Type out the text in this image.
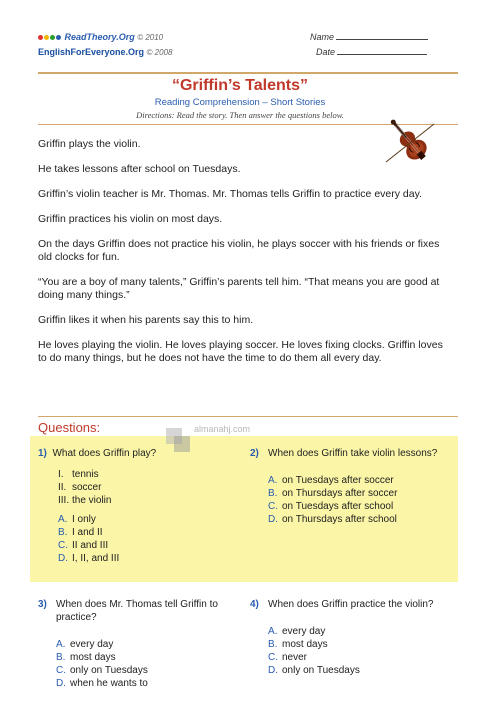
ReadTheory.Org © 2010
EnglishForEveryone.Org © 2008
Name
Date
“Griffin’s Talents”
Reading Comprehension – Short Stories
Directions: Read the story. Then answer the questions below.

Griffin plays the violin.

He takes lessons after school on Tuesdays.

Griffin’s violin teacher is Mr. Thomas. Mr. Thomas tells Griffin to practice every day.

Griffin practices his violin on most days.

On the days Griffin does not practice his violin, he plays soccer with his friends or fixes old clocks for fun.

“You are a boy of many talents,” Griffin’s parents tell him. “That means you are good at doing many things.”

Griffin likes it when his parents say this to him.

He loves playing the violin. He loves playing soccer. He loves fixing clocks. Griffin loves to do many things, but he does not have the time to do them all every day.

Questions:	almanahj.com
1) What does Griffin play?
I. tennis
II. soccer
III. the violin
A. I only
B. I and II
C. II and III
D. I, II, and III
2) When does Griffin take violin lessons?
A. on Tuesdays after soccer
B. on Thursdays after soccer
C. on Tuesdays after school
D. on Thursdays after school
3) When does Mr. Thomas tell Griffin to practice?
A. every day
B. most days
C. only on Tuesdays
D. when he wants to
4) When does Griffin practice the violin?
A. every day
B. most days
C. never
D. only on Tuesdays
